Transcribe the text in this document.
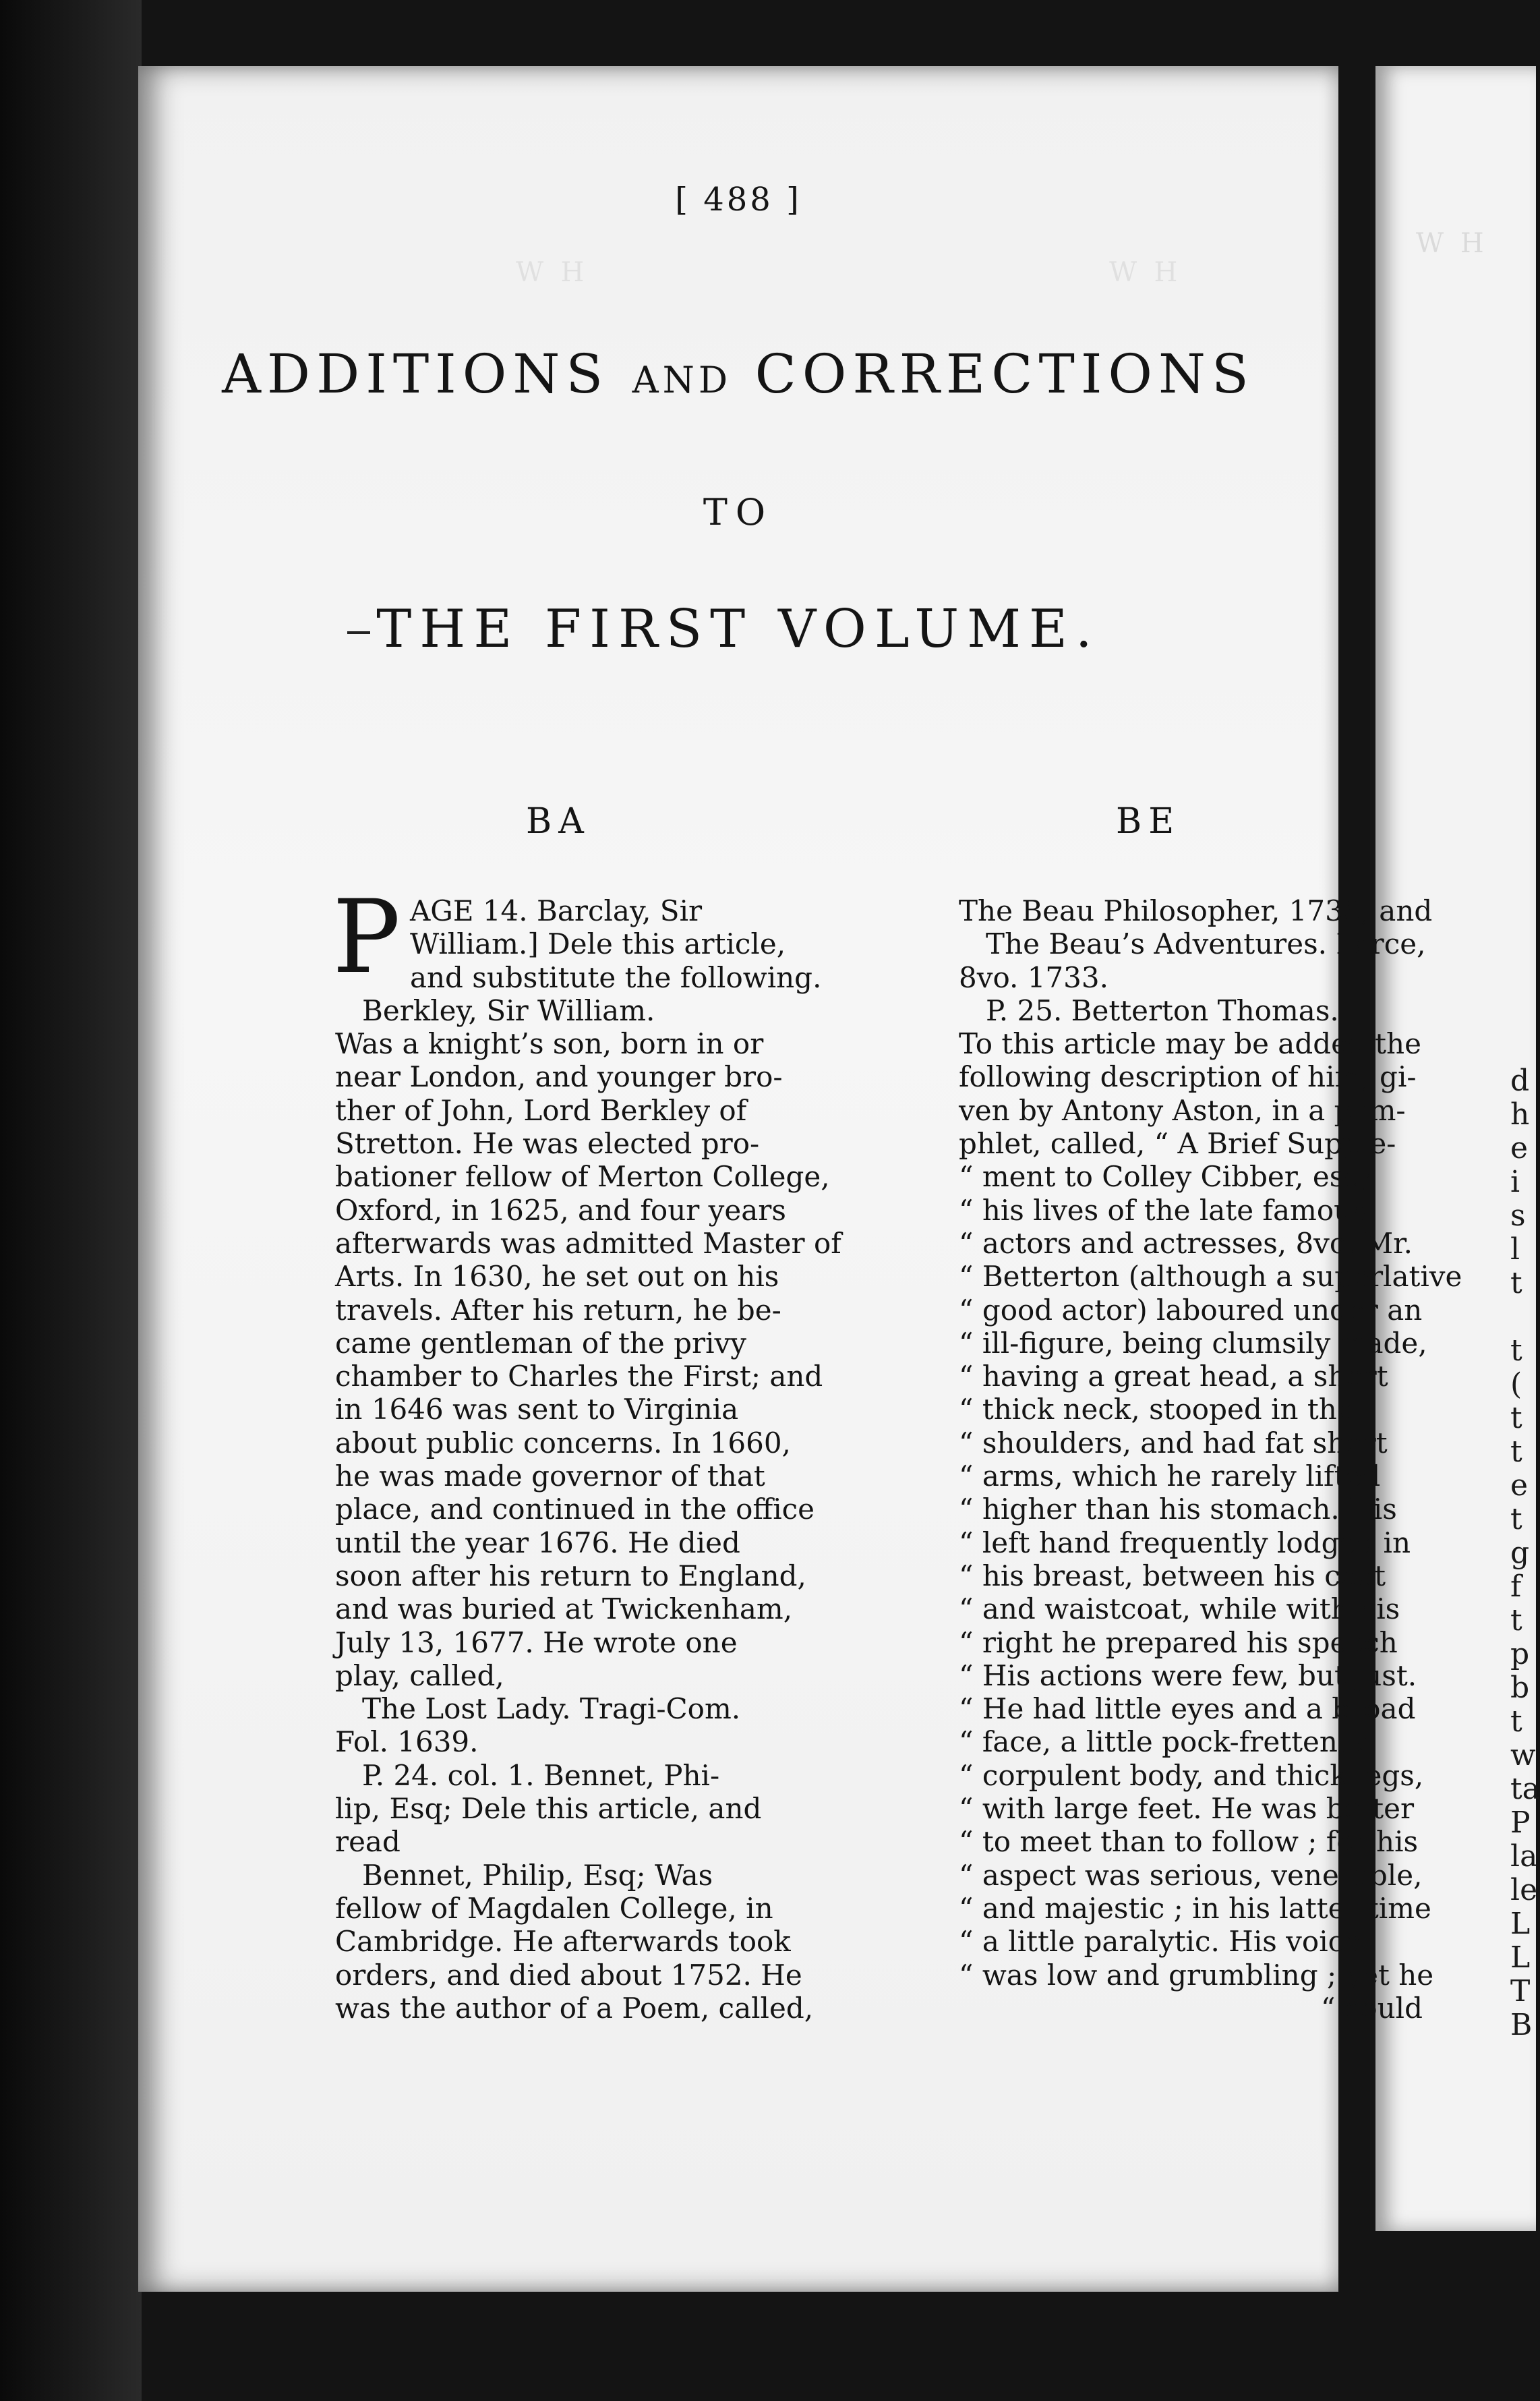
W H
d
h
e
i
s
l
t

t
(
t
t
e
t
g
f
t
p
b
t
w
ta
P
la
le
L
L
T
B
W  H
W  H
[ 488 ]
ADDITIONS AND CORRECTIONS
TO
THE FIRST VOLUME.
BA	BE
P AGE 14. Barclay, Sir

William.] Dele this article,

and substitute the following.

Berkley, Sir William.

Was a knight’s son, born in or

near London, and younger bro-

ther of John, Lord Berkley of

Stretton. He was elected pro-

bationer fellow of Merton College,

Oxford, in 1625, and four years

afterwards was admitted Master of

Arts. In 1630, he set out on his

travels. After his return, he be-

came gentleman of the privy

chamber to Charles the First; and

in 1646 was sent to Virginia

about public concerns. In 1660,

he was made governor of that

place, and continued in the office

until the year 1676. He died

soon after his return to England,

and was buried at Twickenham,

July 13, 1677. He wrote one

play, called,

The Lost Lady. Tragi-Com.

Fol. 1639.

P. 24. col. 1. Bennet, Phi-

lip, Esq; Dele this article, and

read

Bennet, Philip, Esq; Was

fellow of Magdalen College, in

Cambridge. He afterwards took

orders, and died about 1752. He

was the author of a Poem, called,

The Beau Philosopher, 1736, and

The Beau’s Adventures. Farce,

8vo. 1733.

P. 25. Betterton Thomas.]

To this article may be added the

following description of him, gi-

ven by Antony Aston, in a pam-

phlet, called, “ A Brief Supple-

“ ment to Colley Cibber, esq;

“ his lives of the late famous

“ actors and actresses, 8vo. Mr.

“ Betterton (although a superlative

“ good actor) laboured under an

“ ill-figure, being clumsily made,

“ having a great head, a short

“ thick neck, stooped in the

“ shoulders, and had fat short

“ arms, which he rarely lifted

“ higher than his stomach. His

“ left hand frequently lodged in

“ his breast, between his coat

“ and waistcoat, while with his

“ right he prepared his speech

“ His actions were few, but just.

“ He had little eyes and a broad

“ face, a little pock-fretten, a

“ corpulent body, and thick legs,

“ with large feet. He was better

“ to meet than to follow ; for his

“ aspect was serious, venerable,

“ and majestic ; in his latter time

“ a little paralytic. His voice

“ was low and grumbling ; yet he

“ could
